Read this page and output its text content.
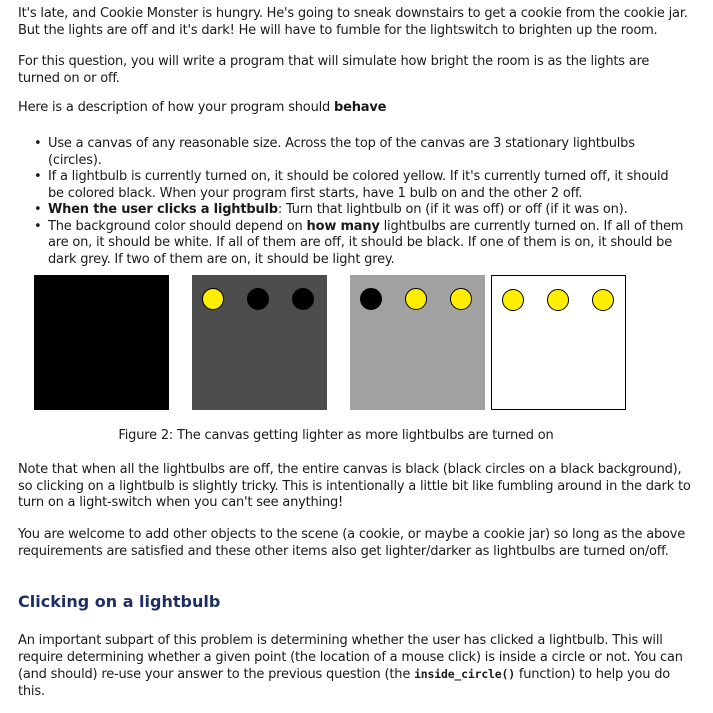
It's late, and Cookie Monster is hungry. He's going to sneak downstairs to get a cookie from the cookie jar. But the lights are off and it's dark! He will have to fumble for the lightswitch to brighten up the room.

For this question, you will write a program that will simulate how bright the room is as the lights are turned on or off.

Here is a description of how your program should behave

• Use a canvas of any reasonable size. Across the top of the canvas are 3 stationary lightbulbs (circles).
• If a lightbulb is currently turned on, it should be colored yellow. If it's currently turned off, it should be colored black. When your program first starts, have 1 bulb on and the other 2 off.
• When the user clicks a lightbulb: Turn that lightbulb on (if it was off) or off (if it was on).
• The background color should depend on how many lightbulbs are currently turned on. If all of them are on, it should be white. If all of them are off, it should be black. If one of them is on, it should be dark grey. If two of them are on, it should be light grey.
Figure 2: The canvas getting lighter as more lightbulbs are turned on

Note that when all the lightbulbs are off, the entire canvas is black (black circles on a black background), so clicking on a lightbulb is slightly tricky. This is intentionally a little bit like fumbling around in the dark to turn on a light-switch when you can't see anything!

You are welcome to add other objects to the scene (a cookie, or maybe a cookie jar) so long as the above requirements are satisfied and these other items also get lighter/darker as lightbulbs are turned on/off.

Clicking on a lightbulb

An important subpart of this problem is determining whether the user has clicked a lightbulb. This will require determining whether a given point (the location of a mouse click) is inside a circle or not. You can (and should) re-use your answer to the previous question (the inside_circle() function) to help you do this.
